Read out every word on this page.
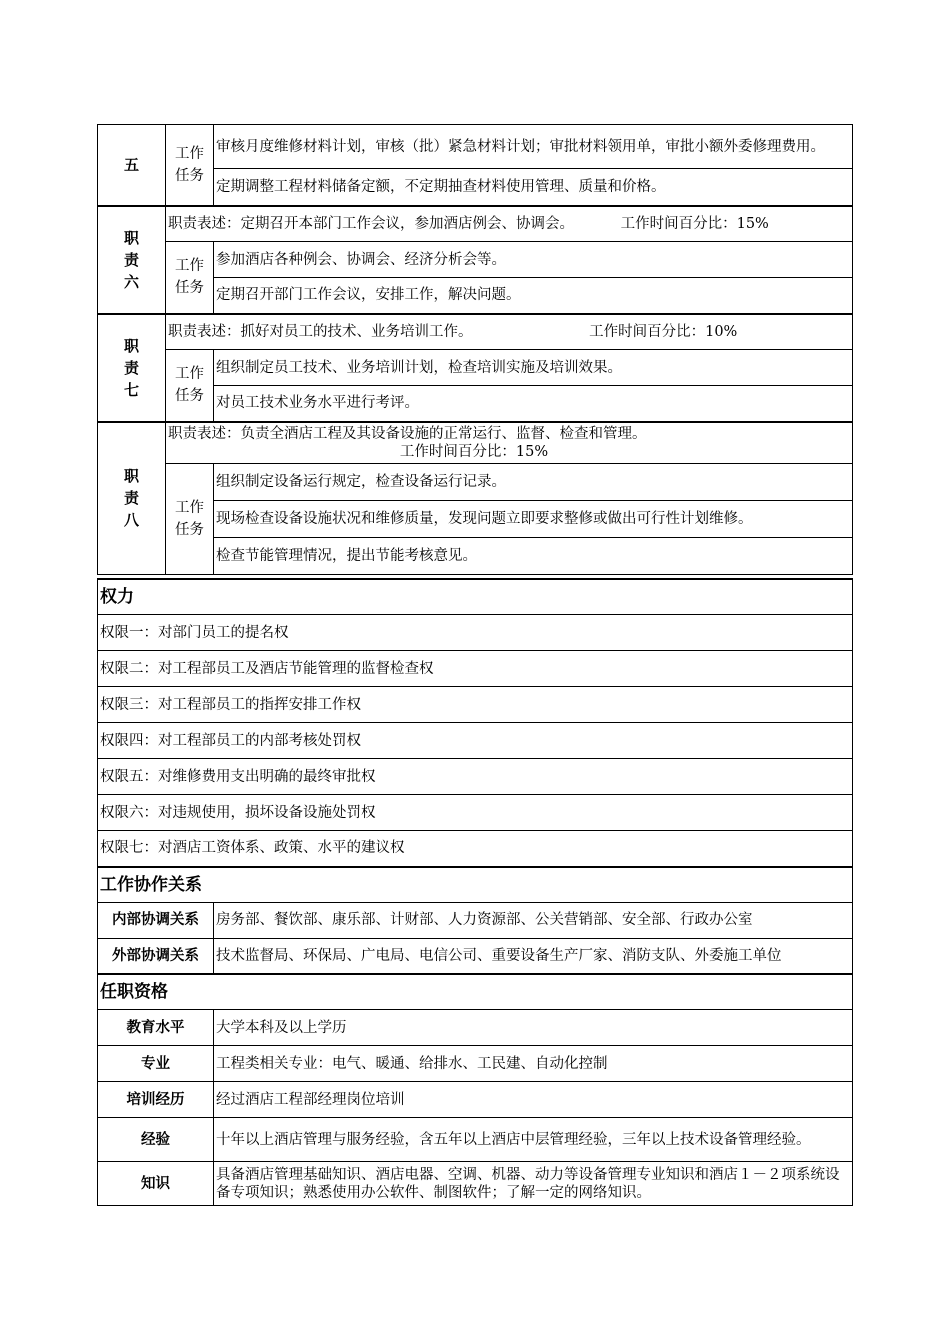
五	工作任务	审核月度维修材料计划，审核（批）紧急材料计划；审批材料领用单，审批小额外委修理费用。
		定期调整工程材料储备定额，不定期抽查材料使用管理、质量和价格。
职责六	职责表述：定期召开本部门工作会议，参加酒店例会、协调会。 工作时间百分比：15%	
	工作任务	参加酒店各种例会、协调会、经济分析会等。
		定期召开部门工作会议，安排工作，解决问题。
职责七	职责表述：抓好对员工的技术、业务培训工作。 工作时间百分比：10%	
	工作任务	组织制定员工技术、业务培训计划，检查培训实施及培训效果。
		对员工技术业务水平进行考评。
职责八	职责表述：负责全酒店工程及其设备设施的正常运行、监督、检查和管理。
工作时间百分比：15%	

	工作任务	组织制定设备运行规定，检查设备运行记录。
		现场检查设备设施状况和维修质量，发现问题立即要求整修或做出可行性计划维修。
		检查节能管理情况，提出节能考核意见。
权力	
权限一：对部门员工的提名权	
权限二：对工程部员工及酒店节能管理的监督检查权	
权限三：对工程部员工的指挥安排工作权	
权限四：对工程部员工的内部考核处罚权	
权限五：对维修费用支出明确的最终审批权	
权限六：对违规使用，损坏设备设施处罚权	
权限七：对酒店工资体系、政策、水平的建议权	
工作协作关系	
内部协调关系	房务部、餐饮部、康乐部、计财部、人力资源部、公关营销部、安全部、行政办公室
外部协调关系	技术监督局、环保局、广电局、电信公司、重要设备生产厂家、消防支队、外委施工单位
任职资格	
教育水平	大学本科及以上学历
专业	工程类相关专业：电气、暖通、给排水、工民建、自动化控制
培训经历	经过酒店工程部经理岗位培训
经验	十年以上酒店管理与服务经验，含五年以上酒店中层管理经验，三年以上技术设备管理经验。
知识	具备酒店管理基础知识、酒店电器、空调、机器、动力等设备管理专业知识和酒店１－２项系统设备专项知识；熟悉使用办公软件、制图软件；了解一定的网络知识。
